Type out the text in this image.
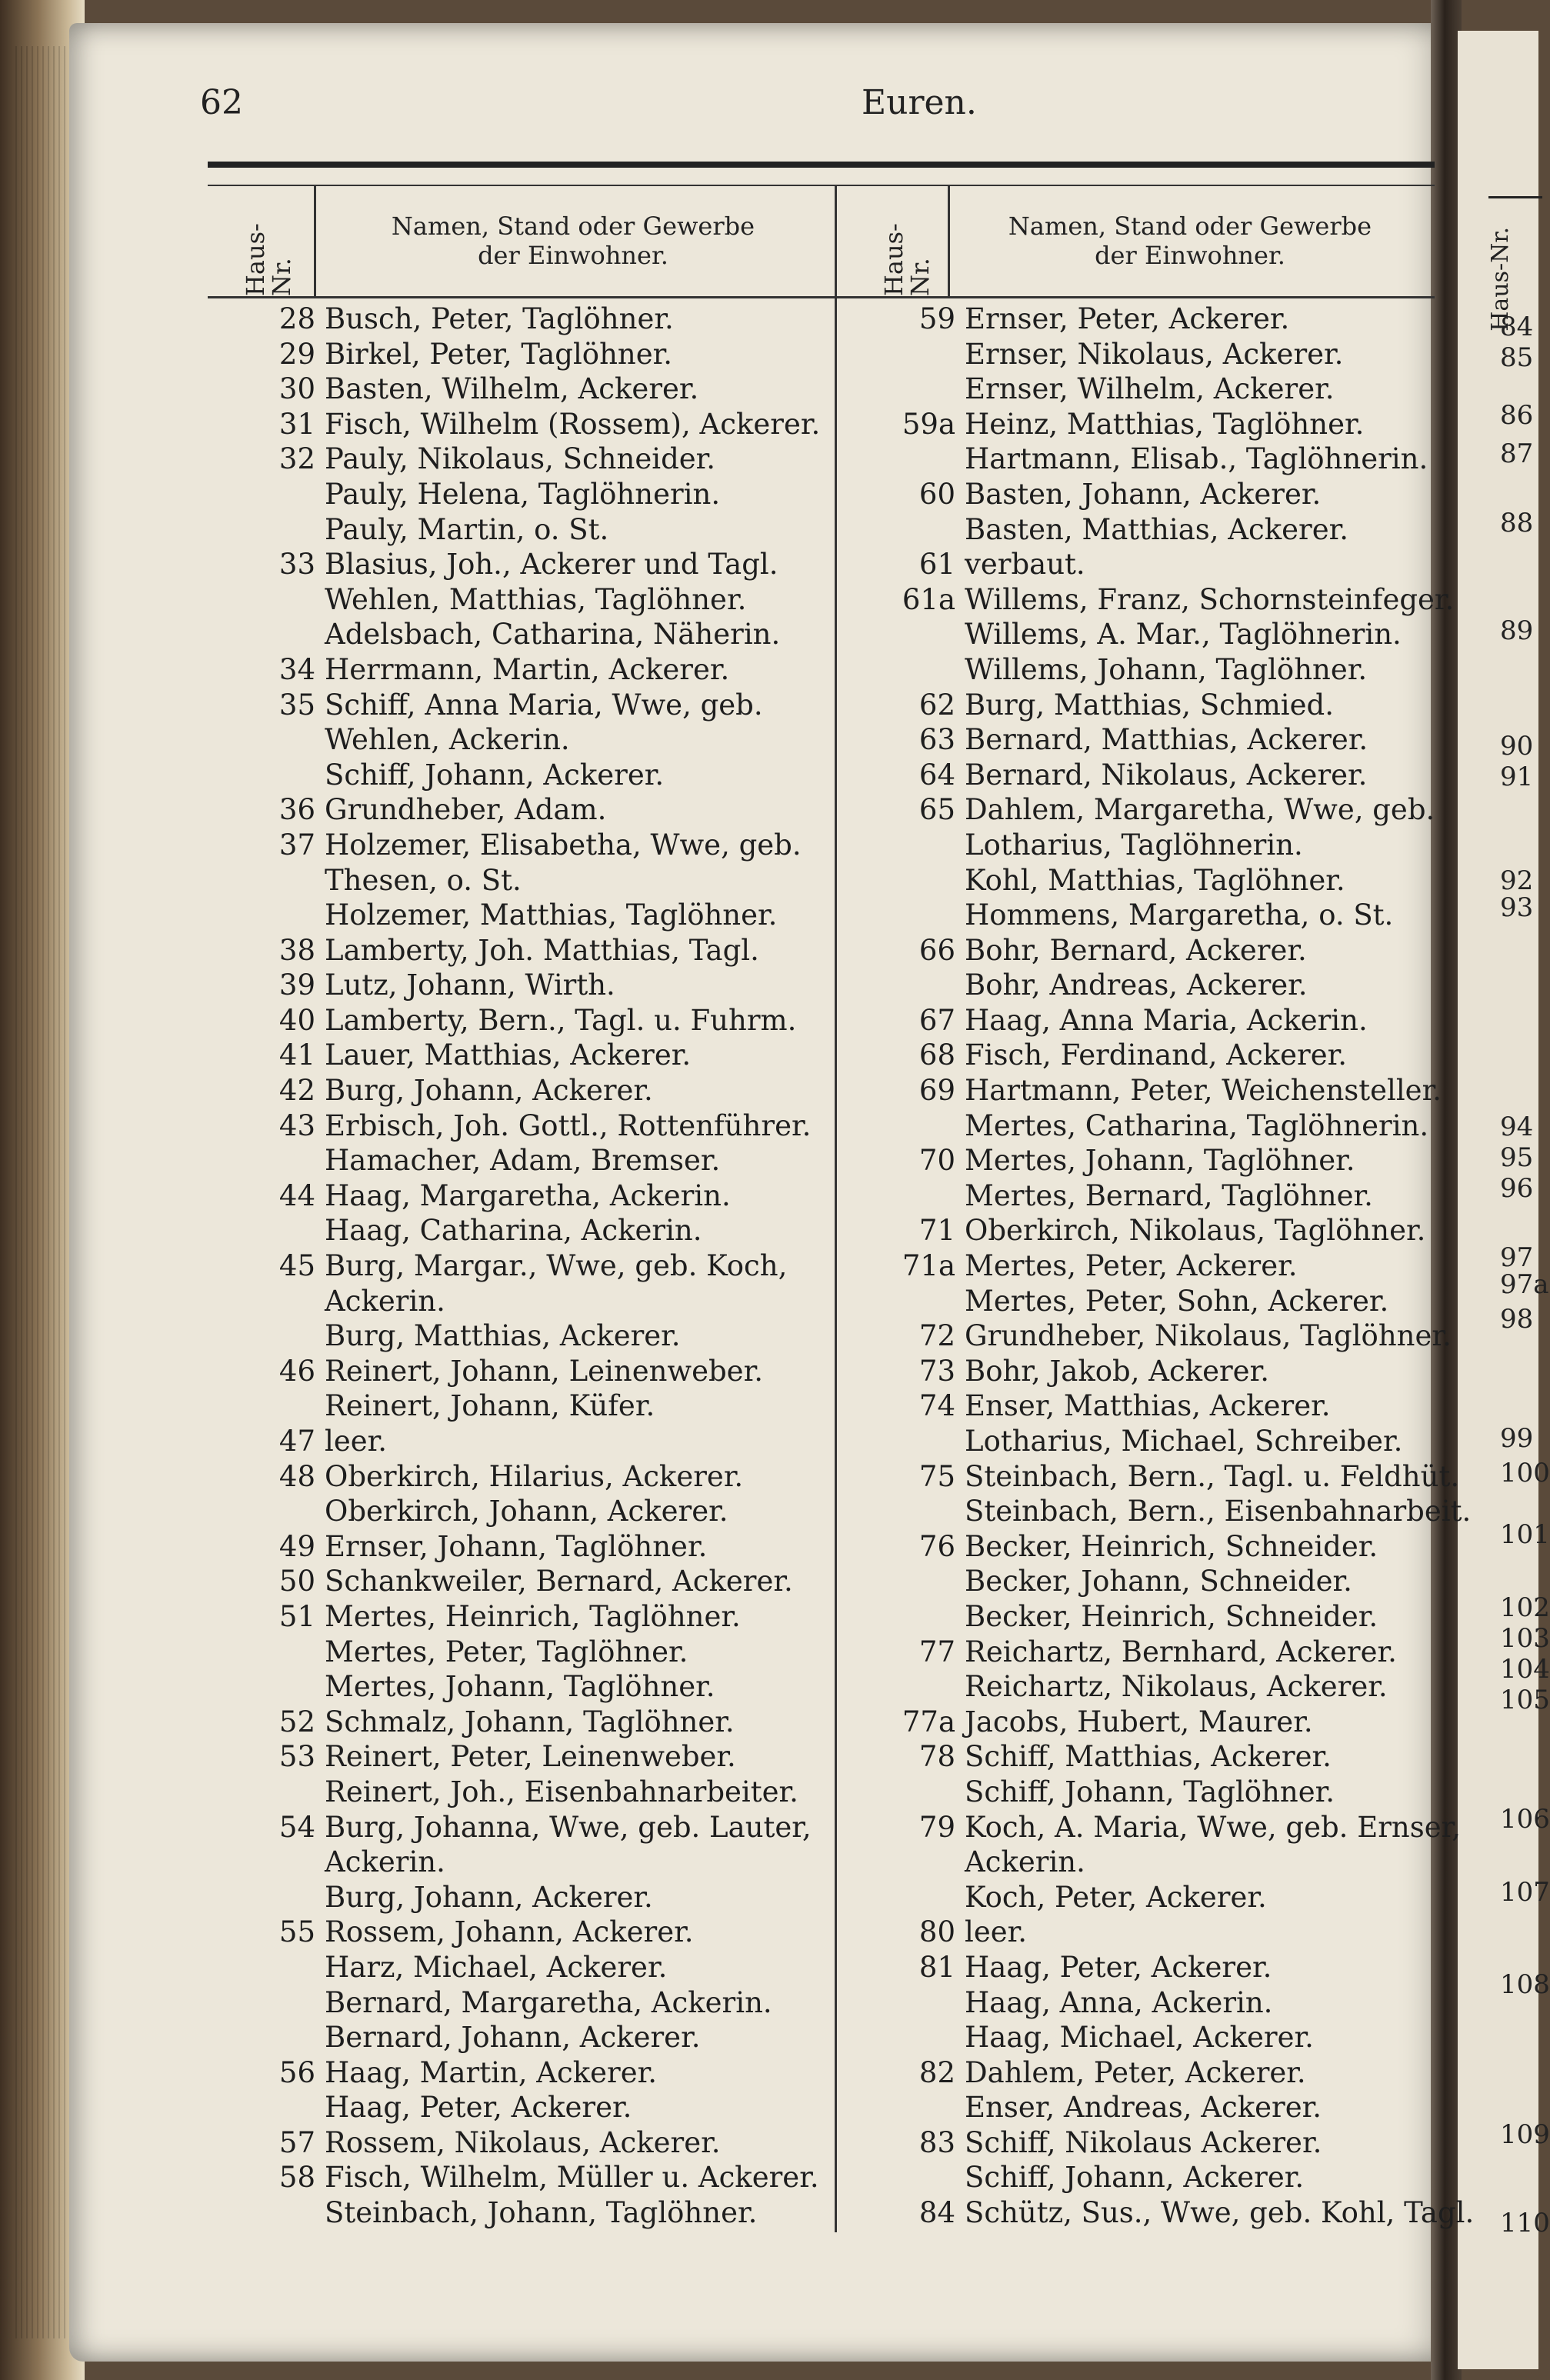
Haus-Nr.
84
85
86
87
88
89
90
91
92
93
94
95
96
97
97a
98
99
100
101
102
103
104
105
106
107
108
109
110
62	Euren.
Haus-Nr.
Namen, Stand oder Gewerbe
der Einwohner.	Haus-Nr.
Namen, Stand oder Gewerbe
der Einwohner.
28 Busch, Peter, Taglöhner.
29 Birkel, Peter, Taglöhner.
30 Basten, Wilhelm, Ackerer.
31 Fisch, Wilhelm (Rossem), Ackerer.
32 Pauly, Nikolaus, Schneider.
Pauly, Helena, Taglöhnerin.
Pauly, Martin, o. St.
33 Blasius, Joh., Ackerer und Tagl.
Wehlen, Matthias, Taglöhner.
Adelsbach, Catharina, Näherin.
34 Herrmann, Martin, Ackerer.
35 Schiff, Anna Maria, Wwe, geb.
Wehlen, Ackerin.
Schiff, Johann, Ackerer.
36 Grundheber, Adam.
37 Holzemer, Elisabetha, Wwe, geb.
Thesen, o. St.
Holzemer, Matthias, Taglöhner.
38 Lamberty, Joh. Matthias, Tagl.
39 Lutz, Johann, Wirth.
40 Lamberty, Bern., Tagl. u. Fuhrm.
41 Lauer, Matthias, Ackerer.
42 Burg, Johann, Ackerer.
43 Erbisch, Joh. Gottl., Rottenführer.
Hamacher, Adam, Bremser.
44 Haag, Margaretha, Ackerin.
Haag, Catharina, Ackerin.
45 Burg, Margar., Wwe, geb. Koch,
Ackerin.
Burg, Matthias, Ackerer.
46 Reinert, Johann, Leinenweber.
Reinert, Johann, Küfer.
47 leer.
48 Oberkirch, Hilarius, Ackerer.
Oberkirch, Johann, Ackerer.
49 Ernser, Johann, Taglöhner.
50 Schankweiler, Bernard, Ackerer.
51 Mertes, Heinrich, Taglöhner.
Mertes, Peter, Taglöhner.
Mertes, Johann, Taglöhner.
52 Schmalz, Johann, Taglöhner.
53 Reinert, Peter, Leinenweber.
Reinert, Joh., Eisenbahnarbeiter.
54 Burg, Johanna, Wwe, geb. Lauter,
Ackerin.
Burg, Johann, Ackerer.
55 Rossem, Johann, Ackerer.
Harz, Michael, Ackerer.
Bernard, Margaretha, Ackerin.
Bernard, Johann, Ackerer.
56 Haag, Martin, Ackerer.
Haag, Peter, Ackerer.
57 Rossem, Nikolaus, Ackerer.
58 Fisch, Wilhelm, Müller u. Ackerer.
Steinbach, Johann, Taglöhner.
59 Ernser, Peter, Ackerer.
Ernser, Nikolaus, Ackerer.
Ernser, Wilhelm, Ackerer.
59a Heinz, Matthias, Taglöhner.
Hartmann, Elisab., Taglöhnerin.
60 Basten, Johann, Ackerer.
Basten, Matthias, Ackerer.
61 verbaut.
61a Willems, Franz, Schornsteinfeger.
Willems, A. Mar., Taglöhnerin.
Willems, Johann, Taglöhner.
62 Burg, Matthias, Schmied.
63 Bernard, Matthias, Ackerer.
64 Bernard, Nikolaus, Ackerer.
65 Dahlem, Margaretha, Wwe, geb.
Lotharius, Taglöhnerin.
Kohl, Matthias, Taglöhner.
Hommens, Margaretha, o. St.
66 Bohr, Bernard, Ackerer.
Bohr, Andreas, Ackerer.
67 Haag, Anna Maria, Ackerin.
68 Fisch, Ferdinand, Ackerer.
69 Hartmann, Peter, Weichensteller.
Mertes, Catharina, Taglöhnerin.
70 Mertes, Johann, Taglöhner.
Mertes, Bernard, Taglöhner.
71 Oberkirch, Nikolaus, Taglöhner.
71a Mertes, Peter, Ackerer.
Mertes, Peter, Sohn, Ackerer.
72 Grundheber, Nikolaus, Taglöhner.
73 Bohr, Jakob, Ackerer.
74 Enser, Matthias, Ackerer.
Lotharius, Michael, Schreiber.
75 Steinbach, Bern., Tagl. u. Feldhüt.
Steinbach, Bern., Eisenbahnarbeit.
76 Becker, Heinrich, Schneider.
Becker, Johann, Schneider.
Becker, Heinrich, Schneider.
77 Reichartz, Bernhard, Ackerer.
Reichartz, Nikolaus, Ackerer.
77a Jacobs, Hubert, Maurer.
78 Schiff, Matthias, Ackerer.
Schiff, Johann, Taglöhner.
79 Koch, A. Maria, Wwe, geb. Ernser,
Ackerin.
Koch, Peter, Ackerer.
80 leer.
81 Haag, Peter, Ackerer.
Haag, Anna, Ackerin.
Haag, Michael, Ackerer.
82 Dahlem, Peter, Ackerer.
Enser, Andreas, Ackerer.
83 Schiff, Nikolaus Ackerer.
Schiff, Johann, Ackerer.
84 Schütz, Sus., Wwe, geb. Kohl, Tagl.
